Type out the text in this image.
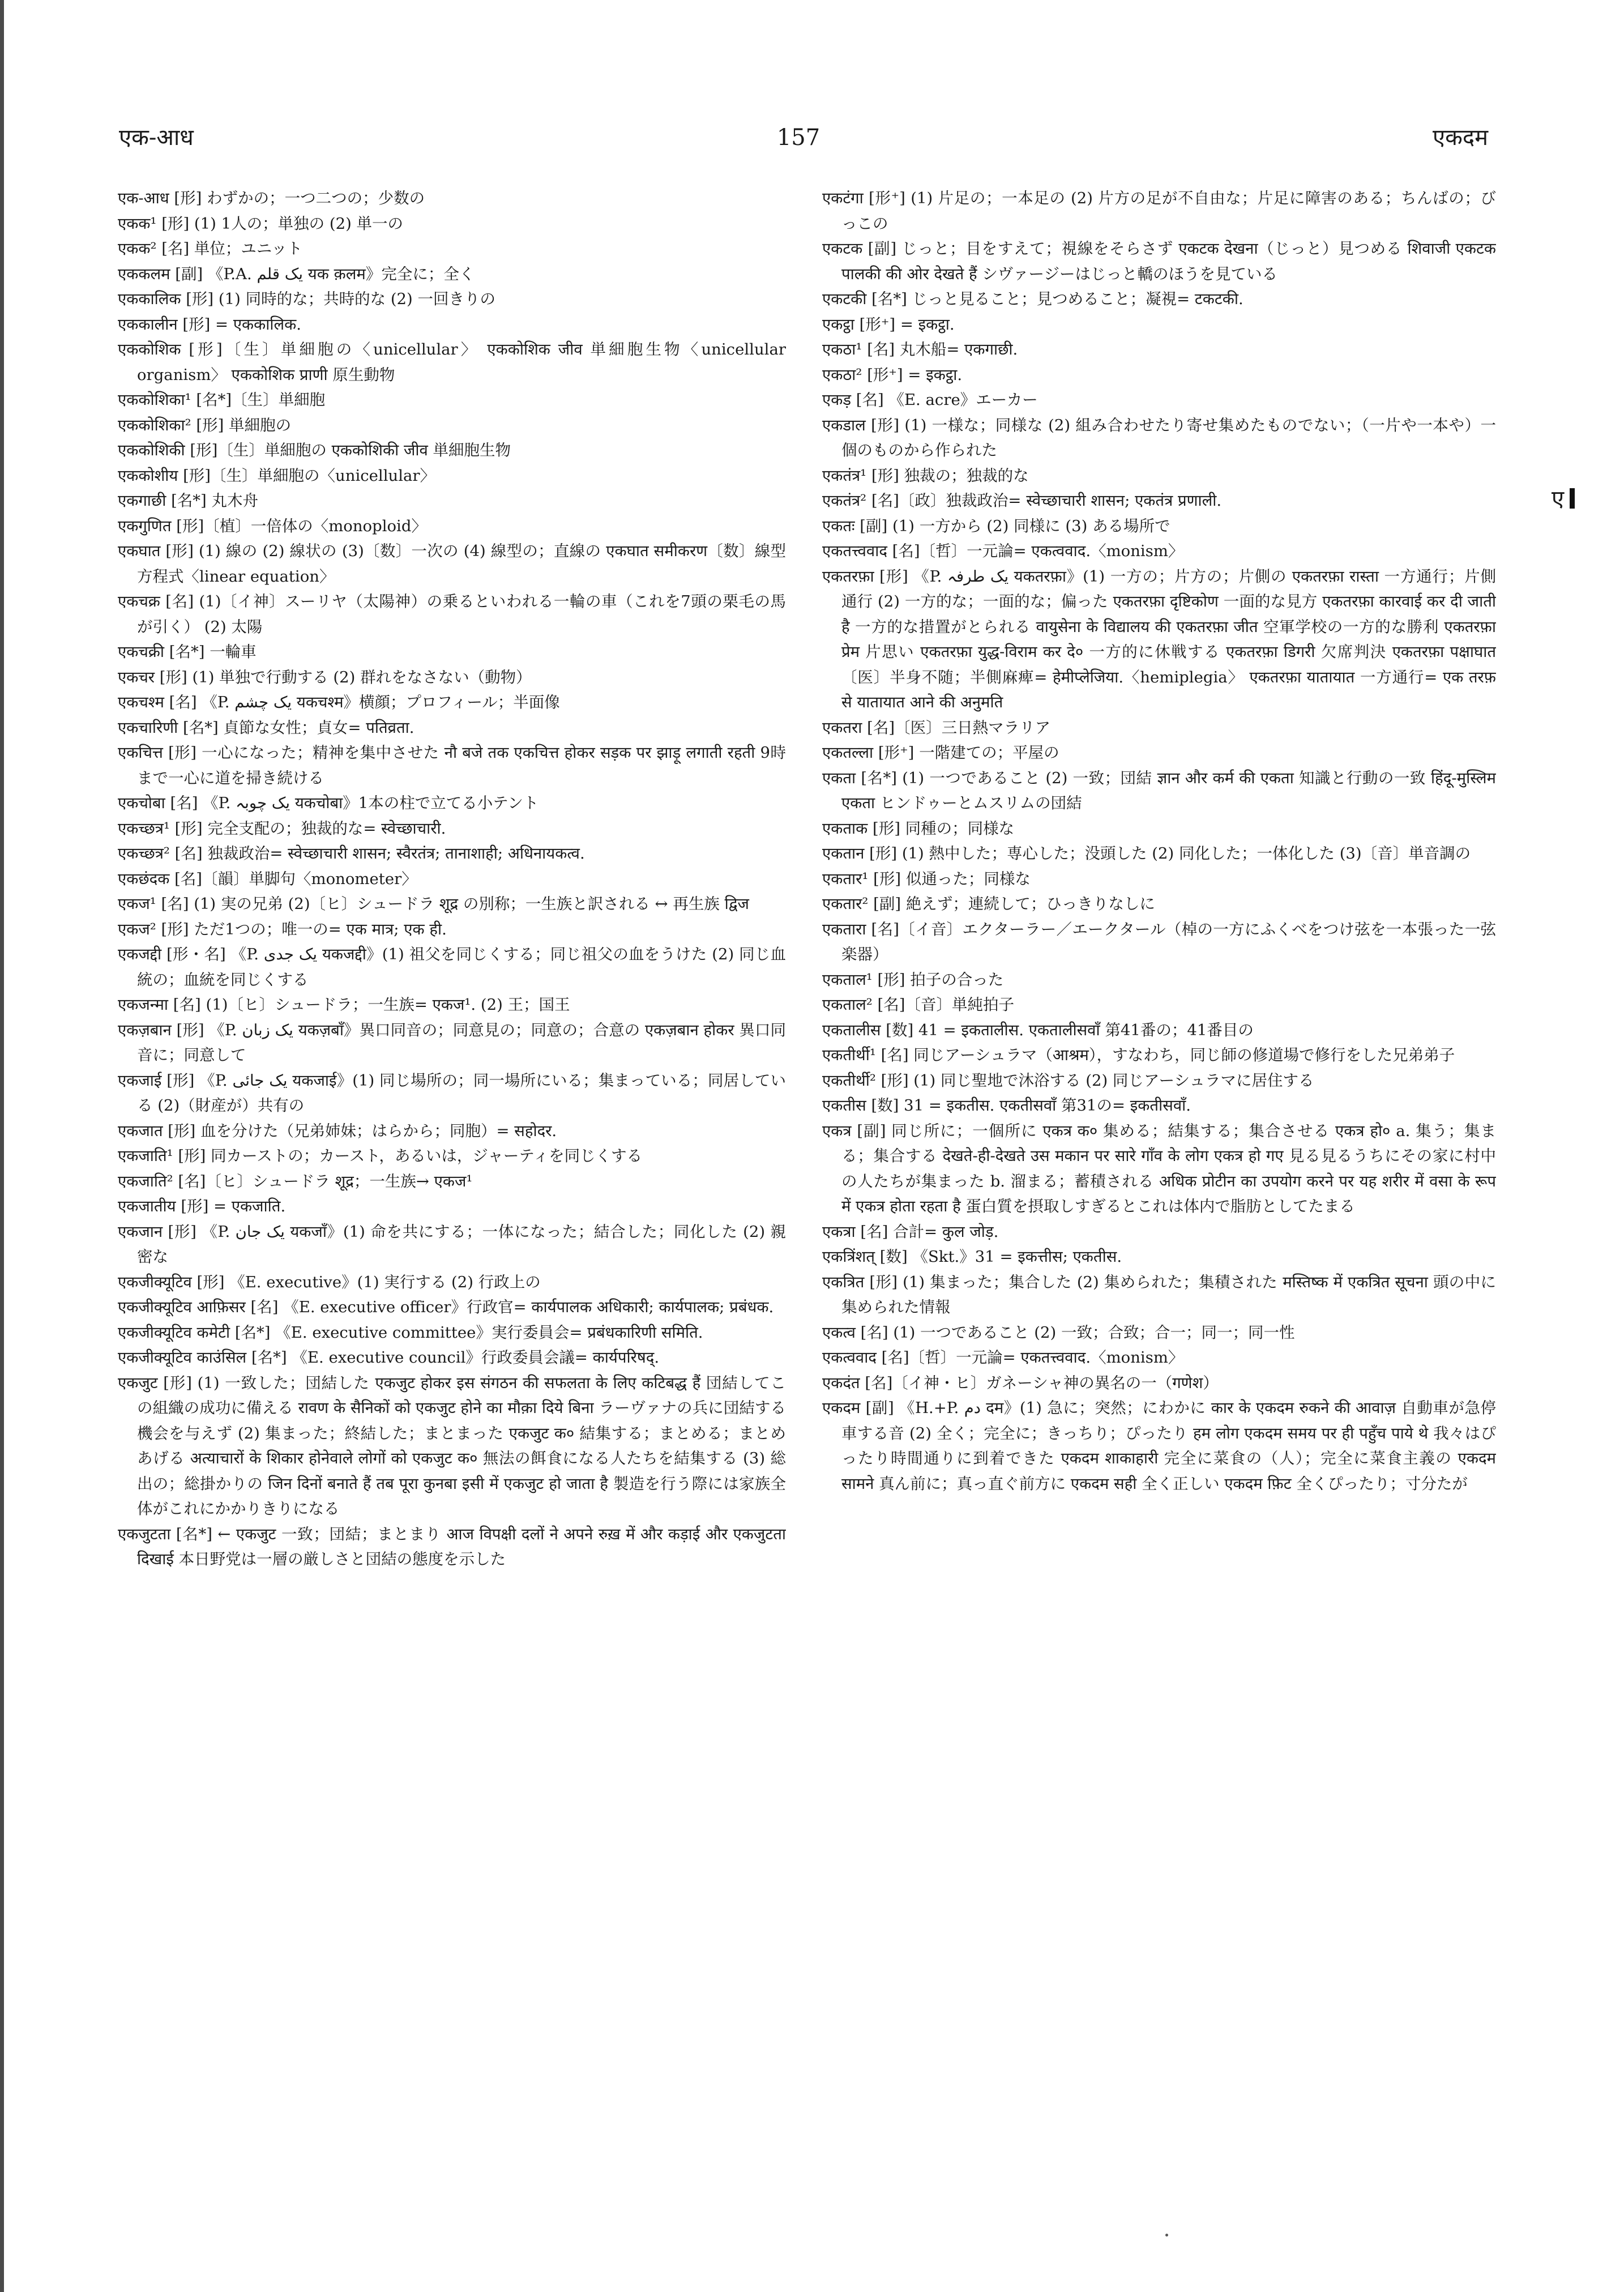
एक-आध	157	एकदम

एक-आध [形] わずかの；一つ二つの；少数の

एकक¹ [形] (1) 1人の；単独の (2) 単一の

एकक² [名] 単位；ユニット

एककलम [副] 《P.A. یک قلم यक क़लम》完全に；全く

एककालिक [形] (1) 同時的な；共時的な (2) 一回きりの

एककालीन [形] = एककालिक.

एककोशिक [形]〔生〕単細胞の〈unicellular〉 एककोशिक जीव 単細胞生物〈unicellular organism〉 एककोशिक प्राणी 原生動物

एककोशिका¹ [名*]〔生〕単細胞

एककोशिका² [形] 単細胞の

एककोशिकी [形]〔生〕単細胞の एककोशिकी जीव 単細胞生物

एककोशीय [形]〔生〕単細胞の〈unicellular〉

एकगाछी [名*] 丸木舟

एकगुणित [形]〔植〕一倍体の〈monoploid〉

एकघात [形] (1) 線の (2) 線状の (3)〔数〕一次の (4) 線型の；直線の एकघात समीकरण〔数〕線型方程式〈linear equation〉

एकचक्र [名] (1)〔イ神〕スーリヤ（太陽神）の乗るといわれる一輪の車（これを7頭の栗毛の馬が引く） (2) 太陽

एकचक्री [名*] 一輪車

एकचर [形] (1) 単独で行動する (2) 群れをなさない（動物）

एकचश्म [名] 《P. یک چشم यकचश्म》横顔；プロフィール；半面像

एकचारिणी [名*] 貞節な女性；貞女= पतिव्रता.

एकचित्त [形] 一心になった；精神を集中させた नौ बजे तक एकचित्त होकर सड़क पर झाड़ू लगाती रहती 9時まで一心に道を掃き続ける

एकचोबा [名] 《P. یک چوبہ यकचोबा》1本の柱で立てる小テント

एकच्छत्र¹ [形] 完全支配の；独裁的な= स्वेच्छाचारी.

एकच्छत्र² [名] 独裁政治= स्वेच्छाचारी शासन; स्वैरतंत्र; तानाशाही; अधिनायकत्व.

एकछंदक [名]〔韻〕単脚句〈monometer〉

एकज¹ [名] (1) 実の兄弟 (2)〔ヒ〕シュードラ शूद्र の別称；一生族と訳される ↔ 再生族 द्विज

एकज² [形] ただ1つの；唯一の= एक मात्र; एक ही.

एकजद्दी [形・名] 《P. یک جدی यकजद्दी》(1) 祖父を同じくする；同じ祖父の血をうけた (2) 同じ血統の；血統を同じくする

एकजन्मा [名] (1)〔ヒ〕シュードラ；一生族= एकज¹. (2) 王；国王

एकज़बान [形] 《P. یک زبان यकज़बाँ》異口同音の；同意見の；同意の；合意の एकज़बान होकर 異口同音に；同意して

एकजाई [形] 《P. یک جائی यकजाई》(1) 同じ場所の；同一場所にいる；集まっている；同居している (2)（財産が）共有の

एकजात [形] 血を分けた（兄弟姉妹；はらから；同胞）= सहोदर.

एकजाति¹ [形] 同カーストの；カースト，あるいは，ジャーティを同じくする

एकजाति² [名]〔ヒ〕シュードラ शूद्र；一生族→ एकज¹

एकजातीय [形] = एकजाति.

एकजान [形] 《P. یک جان यकजाँ》(1) 命を共にする；一体になった；結合した；同化した (2) 親密な

एकजीक्यूटिव [形] 《E. executive》(1) 実行する (2) 行政上の

एकजीक्यूटिव आफ़िसर [名] 《E. executive officer》行政官= कार्यपालक अधिकारी; कार्यपालक; प्रबंधक.

एकजीक्यूटिव कमेटी [名*] 《E. executive committee》実行委員会= प्रबंधकारिणी समिति.

एकजीक्यूटिव काउंसिल [名*] 《E. executive council》行政委員会議= कार्यपरिषद्.

एकजुट [形] (1) 一致した；団結した एकजुट होकर इस संगठन की सफलता के लिए कटिबद्ध हैं 団結してこの組織の成功に備える रावण के सैनिकों को एकजुट होने का मौक़ा दिये बिना ラーヴァナの兵に団結する機会を与えず (2) 集まった；終結した；まとまった एकजुट क० 結集する；まとめる；まとめあげる अत्याचारों के शिकार होनेवाले लोगों को एकजुट क० 無法の餌食になる人たちを結集する (3) 総出の；総掛かりの जिन दिनों बनाते हैं तब पूरा कुनबा इसी में एकजुट हो जाता है 製造を行う際には家族全体がこれにかかりきりになる

एकजुटता [名*] ← एकजुट 一致；団結；まとまり आज विपक्षी दलों ने अपने रुख़ में और कड़ाई और एकजुटता दिखाई 本日野党は一層の厳しさと団結の態度を示した

एकटंगा [形⁺] (1) 片足の；一本足の (2) 片方の足が不自由な；片足に障害のある；ちんばの；びっこの

एकटक [副] じっと；目をすえて；視線をそらさず एकटक देखना（じっと）見つめる शिवाजी एकटक पालकी की ओर देखते हैं シヴァージーはじっと轎のほうを見ている

एकटकी [名*] じっと見ること；見つめること；凝視= टकटकी.

एकट्ठा [形⁺] = इकट्ठा.

एकठा¹ [名] 丸木船= एकगाछी.

एकठा² [形⁺] = इकट्ठा.

एकड़ [名] 《E. acre》エーカー

एकडाल [形] (1) 一様な；同様な (2) 組み合わせたり寄せ集めたものでない；（一片や一本や）一個のものから作られた

एकतंत्र¹ [形] 独裁の；独裁的な

एकतंत्र² [名]〔政〕独裁政治= स्वेच्छाचारी शासन; एकतंत्र प्रणाली.

एकतः [副] (1) 一方から (2) 同様に (3) ある場所で

एकतत्त्ववाद [名]〔哲〕一元論= एकत्ववाद.〈monism〉

एकतरफ़ा [形] 《P. یک طرفہ यकतरफ़ा》(1) 一方の；片方の；片側の एकतरफ़ा रास्ता 一方通行；片側通行 (2) 一方的な；一面的な；偏った एकतरफ़ा दृष्टिकोण 一面的な見方 एकतरफ़ा कारवाई कर दी जाती है 一方的な措置がとられる वायुसेना के विद्यालय की एकतरफ़ा जीत 空軍学校の一方的な勝利 एकतरफ़ा प्रेम 片思い एकतरफ़ा युद्ध-विराम कर दे० 一方的に休戦する एकतरफ़ा डिगरी 欠席判決 एकतरफ़ा पक्षाघात〔医〕半身不随；半側麻痺= हेमीप्लेजिया.〈hemiplegia〉 एकतरफ़ा यातायात 一方通行= एक तरफ़ से यातायात आने की अनुमति

एकतरा [名]〔医〕三日熱マラリア

एकतल्ला [形⁺] 一階建ての；平屋の

एकता [名*] (1) 一つであること (2) 一致；団結 ज्ञान और कर्म की एकता 知識と行動の一致 हिंदू-मुस्लिम एकता ヒンドゥーとムスリムの団結

एकताक [形] 同種の；同様な

एकतान [形] (1) 熱中した；専心した；没頭した (2) 同化した；一体化した (3)〔音〕単音調の

एकतार¹ [形] 似通った；同様な

एकतार² [副] 絶えず；連続して；ひっきりなしに

एकतारा [名]〔イ音〕エクターラー／エークタール（棹の一方にふくべをつけ弦を一本張った一弦楽器）

एकताल¹ [形] 拍子の合った

एकताल² [名]〔音〕単純拍子

एकतालीस [数] 41 = इकतालीस. एकतालीसवाँ 第41番の；41番目の

एकतीर्थी¹ [名] 同じアーシュラマ（आश्रम），すなわち，同じ師の修道場で修行をした兄弟弟子

एकतीर्थी² [形] (1) 同じ聖地で沐浴する (2) 同じアーシュラマに居住する

एकतीस [数] 31 = इकतीस. एकतीसवाँ 第31の= इकतीसवाँ.

एकत्र [副] 同じ所に；一個所に एकत्र क० 集める；結集する；集合させる एकत्र हो० a. 集う；集まる；集合する देखते-ही-देखते उस मकान पर सारे गाँव के लोग एकत्र हो गए 見る見るうちにその家に村中の人たちが集まった b. 溜まる；蓄積される अधिक प्रोटीन का उपयोग करने पर यह शरीर में वसा के रूप में एकत्र होता रहता है 蛋白質を摂取しすぎるとこれは体内で脂肪としてたまる

एकत्रा [名] 合計= कुल जोड़.

एकत्रिंशत् [数] 《Skt.》31 = इकत्तीस; एकतीस.

एकत्रित [形] (1) 集まった；集合した (2) 集められた；集積された मस्तिष्क में एकत्रित सूचना 頭の中に集められた情報

एकत्व [名] (1) 一つであること (2) 一致；合致；合一；同一；同一性

एकत्ववाद [名]〔哲〕一元論= एकतत्त्ववाद.〈monism〉

एकदंत [名]〔イ神・ヒ〕ガネーシャ神の異名の一（गणेश）

एकदम [副] 《H.+P. دم दम》(1) 急に；突然；にわかに कार के एकदम रुकने की आवाज़ 自動車が急停車する音 (2) 全く；完全に；きっちり；ぴったり हम लोग एकदम समय पर ही पहुँच पाये थे 我々はぴったり時間通りに到着できた एकदम शाकाहारी 完全に菜食の（人）；完全に菜食主義の एकदम सामने 真ん前に；真っ直ぐ前方に एकदम सही 全く正しい एकदम फ़िट 全くぴったり；寸分たが

ए
